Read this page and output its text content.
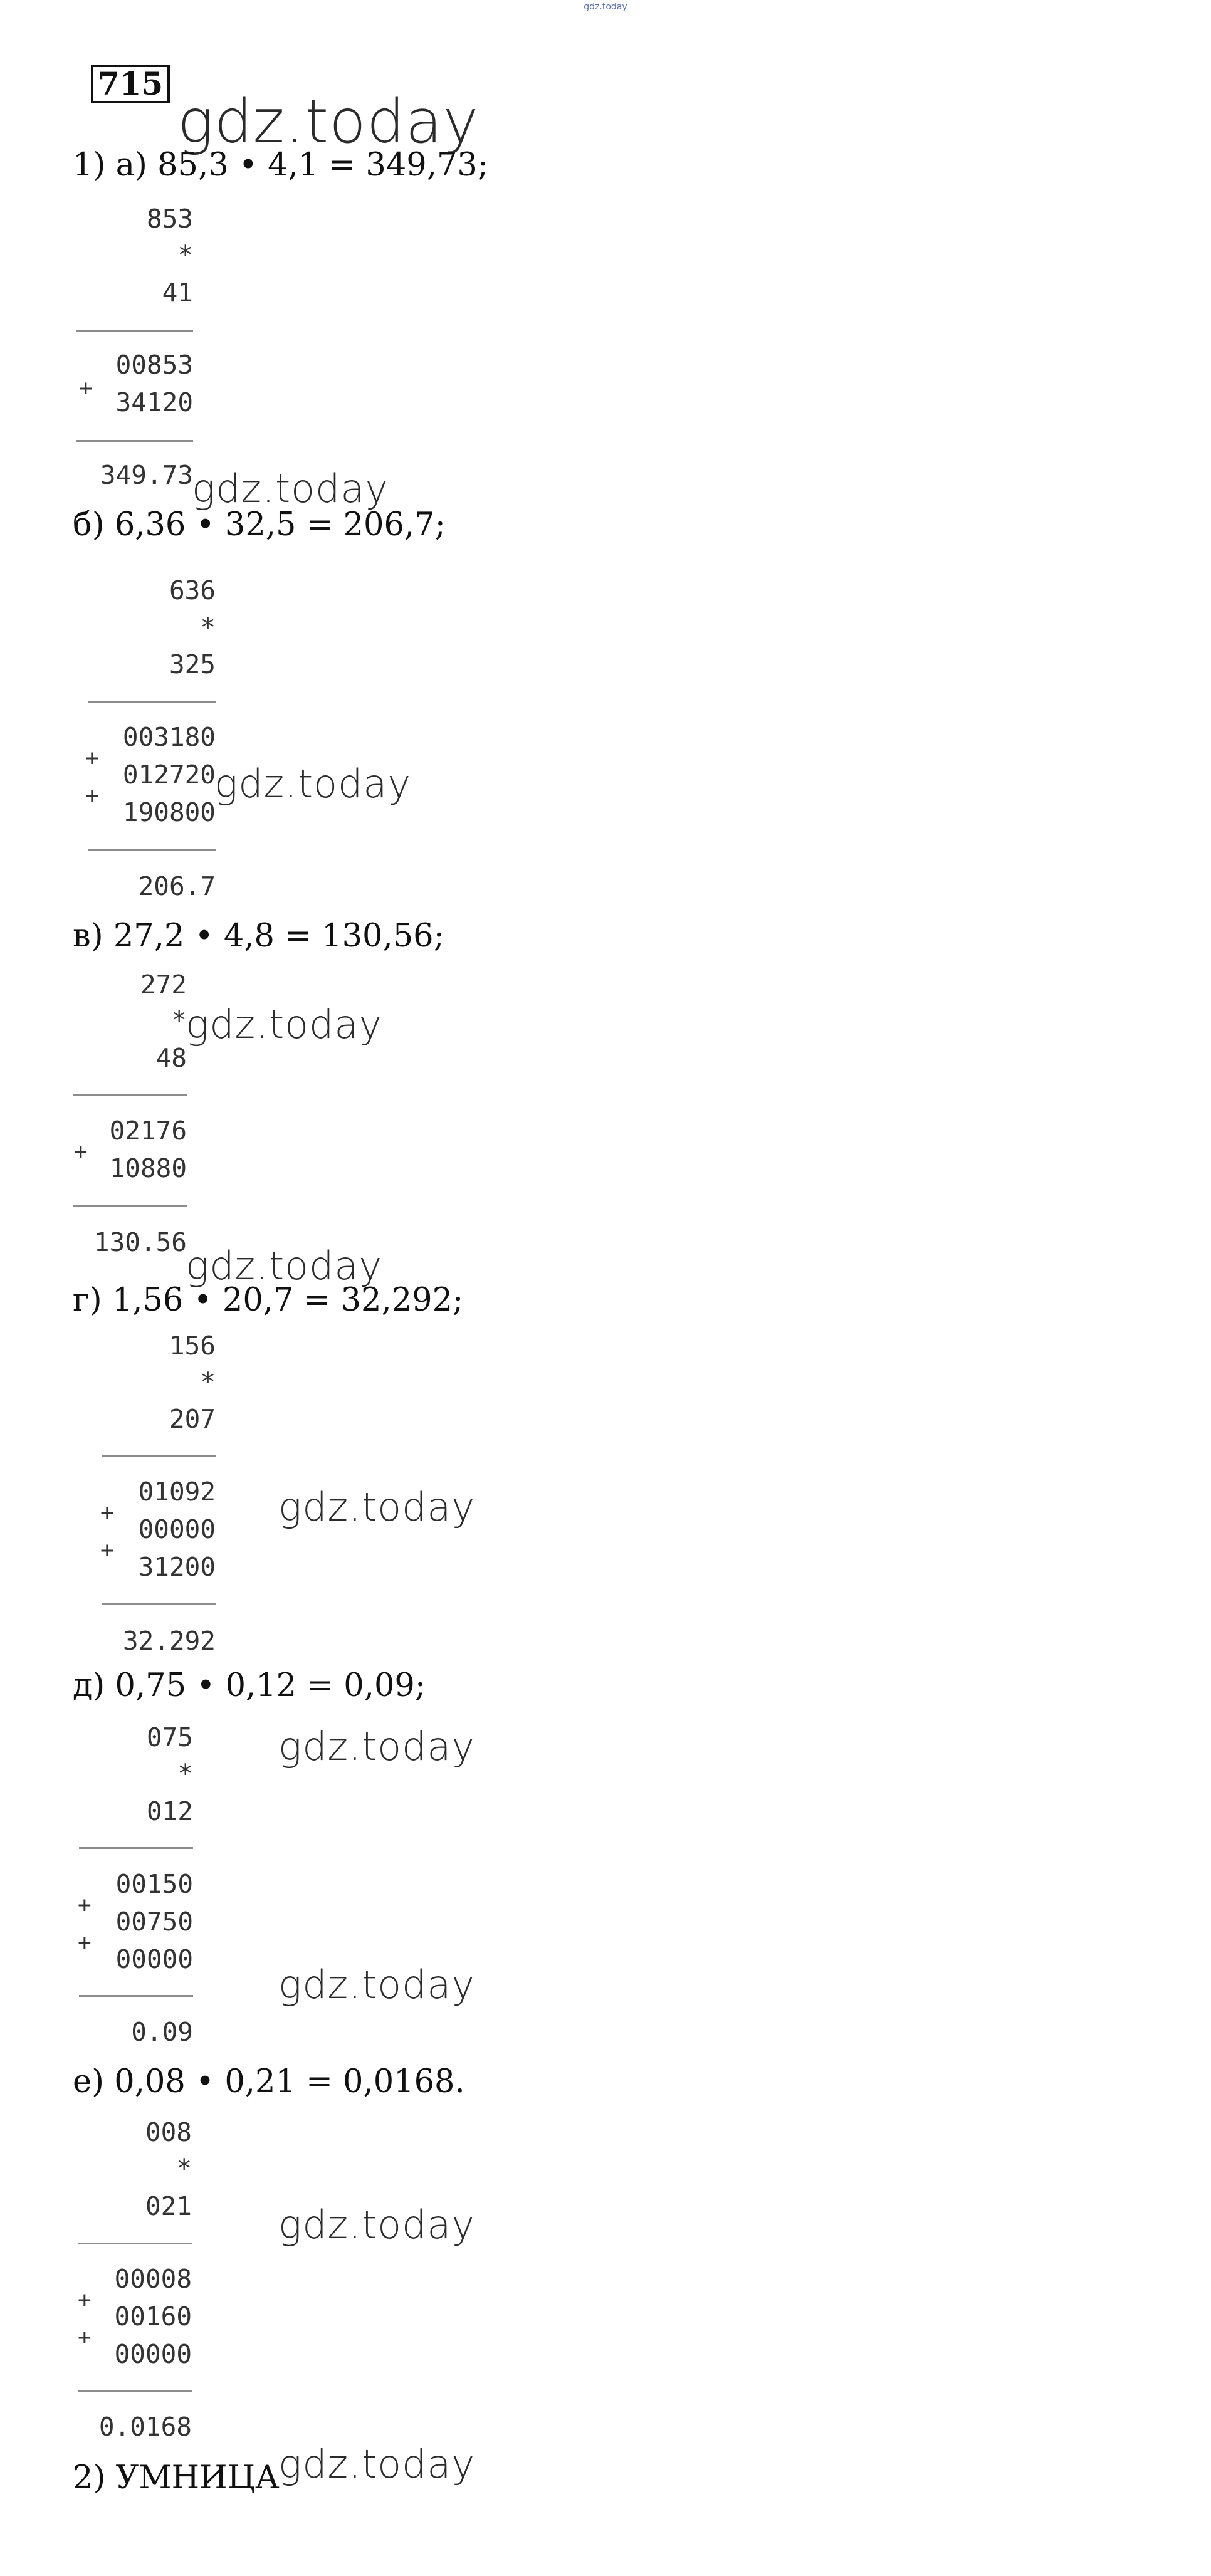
gdz.today
715
gdz.today
1) а) 85,3 • 4,1 = 349,73;
853
*
41
00853
+ 34120
349.73
gdz.today
б) 6,36 • 32,5 = 206,7;
636
*
325
003180
+
012720
+
190800
gdz.today
206.7
в) 27,2 • 4,8 = 130,56;
272
*
gdz.today
48
02176
+
10880
130.56
gdz.today
г) 1,56 • 20,7 = 32,292;
156
*
207
01092 gdz.today
+
00000
+
31200
32.292
д) 0,75 • 0,12 = 0,09;
075 gdz.today
*
012
00150
+
00750
+
00000
gdz.today
0.09
е) 0,08 • 0,21 = 0,0168.
008
*
021 gdz.today
00008
+
00160
+
00000
0.0168
2) УМНИЦА
gdz.today
